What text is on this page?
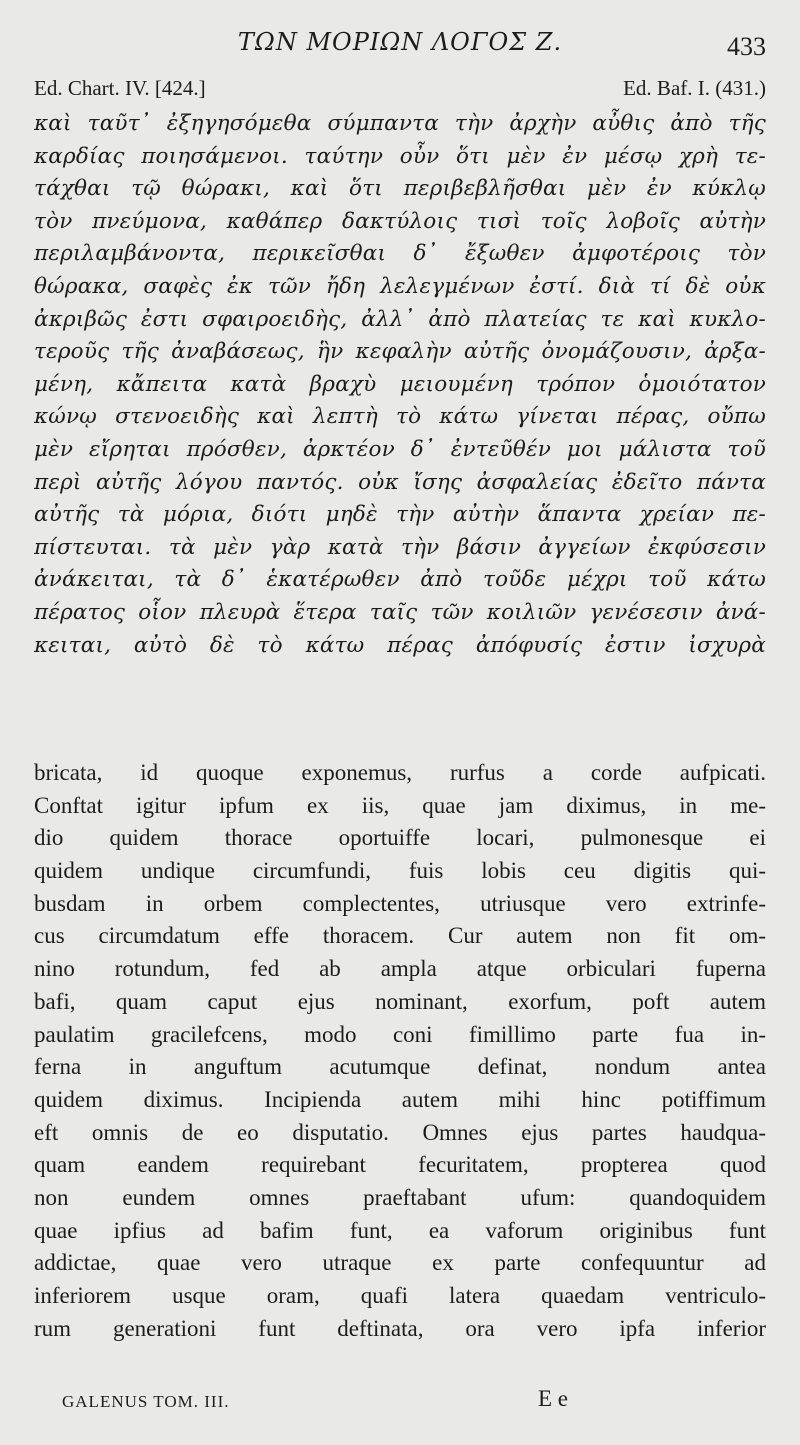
ΤΩΝ ΜΟΡΙΩΝ ΛΟΓΟΣ Ζ.	433
Ed. Chart. IV. [424.]	Ed. Baf. I. (431.)
καὶ ταῦτ᾽ ἐξηγησόμεθα σύμπαντα τὴν ἀρχὴν αὖθις ἀπὸ τῆς
καρδίας ποιησάμενοι. ταύτην οὖν ὅτι μὲν ἐν μέσῳ χρὴ τε-
τάχθαι τῷ θώρακι, καὶ ὅτι περιβεβλῆσθαι μὲν ἐν κύκλῳ
τὸν πνεύμονα, καθάπερ δακτύλοις τισὶ τοῖς λοβοῖς αὐτὴν
περιλαμβάνοντα, περικεῖσθαι δ᾽ ἔξωθεν ἀμφοτέροις τὸν
θώρακα, σαφὲς ἐκ τῶν ἤδη λελεγμένων ἐστί. διὰ τί δὲ οὐκ
ἀκριβῶς ἐστι σφαιροειδὴς, ἀλλ᾽ ἀπὸ πλατείας τε καὶ κυκλο-
τεροῦς τῆς ἀναβάσεως, ἣν κεφαλὴν αὐτῆς ὀνομάζουσιν, ἀρξα-
μένη, κἄπειτα κατὰ βραχὺ μειουμένη τρόπον ὁμοιότατον
κώνῳ στενοειδὴς καὶ λεπτὴ τὸ κάτω γίνεται πέρας, οὔπω
μὲν εἴρηται πρόσθεν, ἀρκτέον δ᾽ ἐντεῦθέν μοι μάλιστα τοῦ
περὶ αὐτῆς λόγου παντός. οὐκ ἴσης ἀσφαλείας ἐδεῖτο πάντα
αὐτῆς τὰ μόρια, διότι μηδὲ τὴν αὐτὴν ἅπαντα χρείαν πε-
πίστευται. τὰ μὲν γὰρ κατὰ τὴν βάσιν ἀγγείων ἐκφύσεσιν
ἀνάκειται, τὰ δ᾽ ἑκατέρωθεν ἀπὸ τοῦδε μέχρι τοῦ κάτω
πέρατος οἷον πλευρὰ ἕτερα ταῖς τῶν κοιλιῶν γενέσεσιν ἀνά-
κειται, αὐτὸ δὲ τὸ κάτω πέρας ἀπόφυσίς ἐστιν ἰσχυρὰ
bricata, id quoque exponemus, rurfus a corde aufpicati.
Conftat igitur ipfum ex iis, quae jam diximus, in me-
dio quidem thorace oportuiffe locari, pulmonesque ei
quidem undique circumfundi, fuis lobis ceu digitis qui-
busdam in orbem complectentes, utriusque vero extrinfe-
cus circumdatum effe thoracem. Cur autem non fit om-
nino rotundum, fed ab ampla atque orbiculari fuperna
bafi, quam caput ejus nominant, exorfum, poft autem
paulatim gracilefcens, modo coni fimillimo parte fua in-
ferna in anguftum acutumque definat, nondum antea
quidem diximus. Incipienda autem mihi hinc potiffimum
eft omnis de eo disputatio. Omnes ejus partes haudqua-
quam eandem requirebant fecuritatem, propterea quod
non eundem omnes praeftabant ufum: quandoquidem
quae ipfius ad bafim funt, ea vaforum originibus funt
addictae, quae vero utraque ex parte confequuntur ad
inferiorem usque oram, quafi latera quaedam ventriculo-
rum generationi funt deftinata, ora vero ipfa inferior
GALENUS TOM. III.	E e
